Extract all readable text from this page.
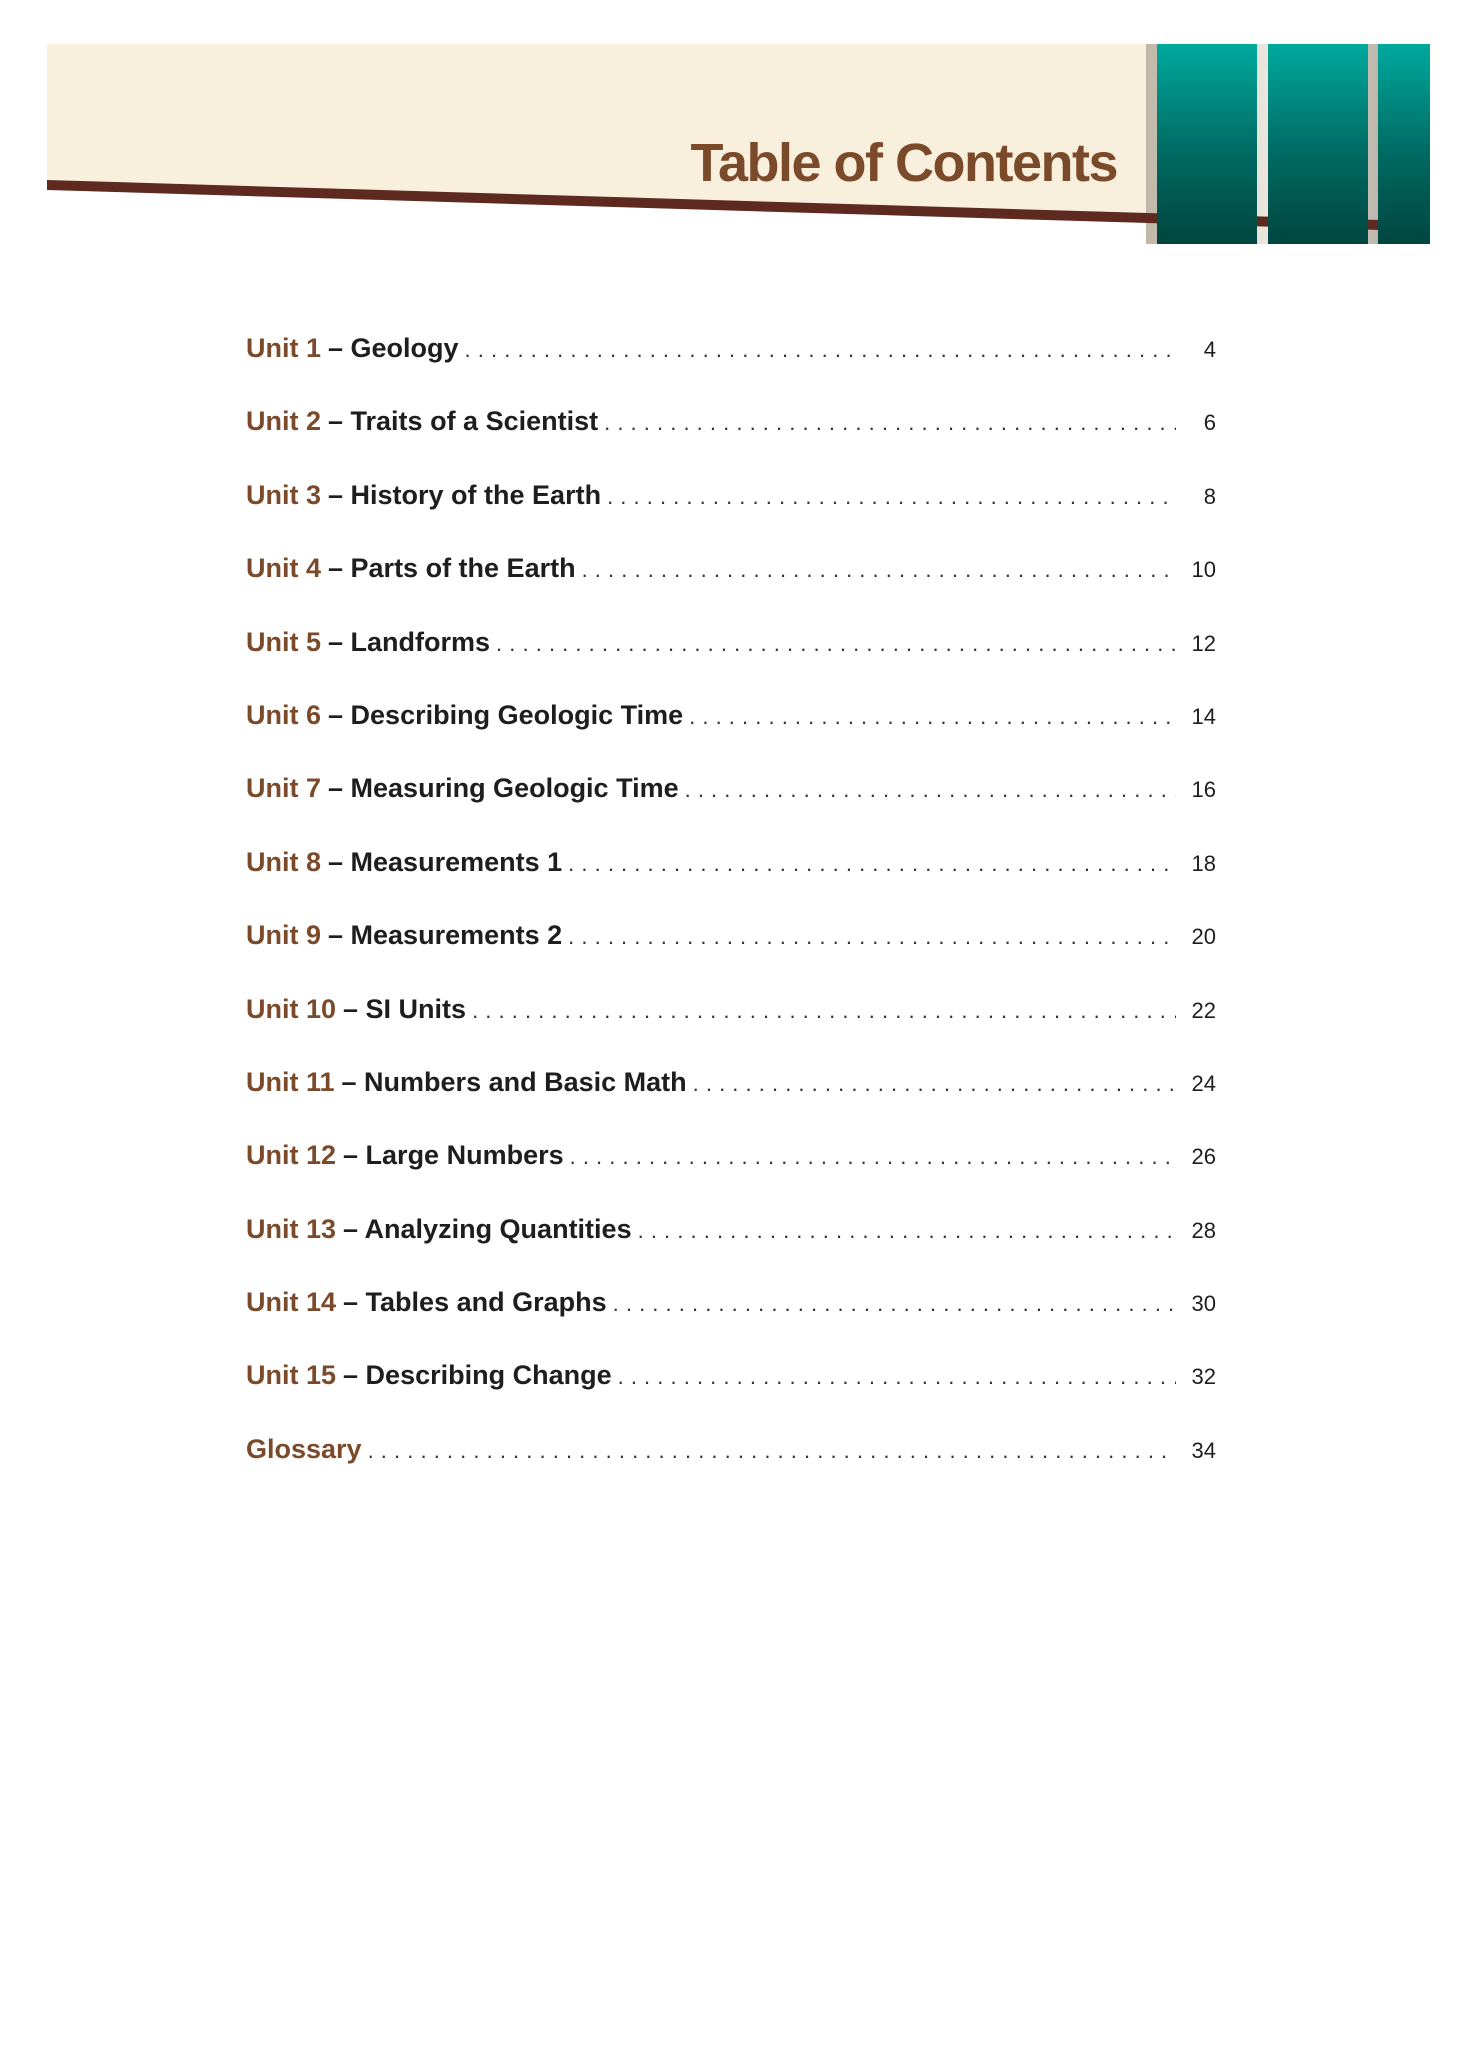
Table of Contents
Unit 1 – Geology . . .	4
Unit 2 – Traits of a Scientist . . .	6
Unit 3 – History of the Earth . . .	8
Unit 4 – Parts of the Earth . . .	10
Unit 5 – Landforms . . .	12
Unit 6 – Describing Geologic Time . . .	14
Unit 7 – Measuring Geologic Time . . .	16
Unit 8 – Measurements 1 . . .	18
Unit 9 – Measurements 2 . . .	20
Unit 10 – SI Units . . .	22
Unit 11 – Numbers and Basic Math . . .	24
Unit 12 – Large Numbers . . .	26
Unit 13 – Analyzing Quantities . . .	28
Unit 14 – Tables and Graphs . . .	30
Unit 15 – Describing Change . . .	32
Glossary . . .	34
